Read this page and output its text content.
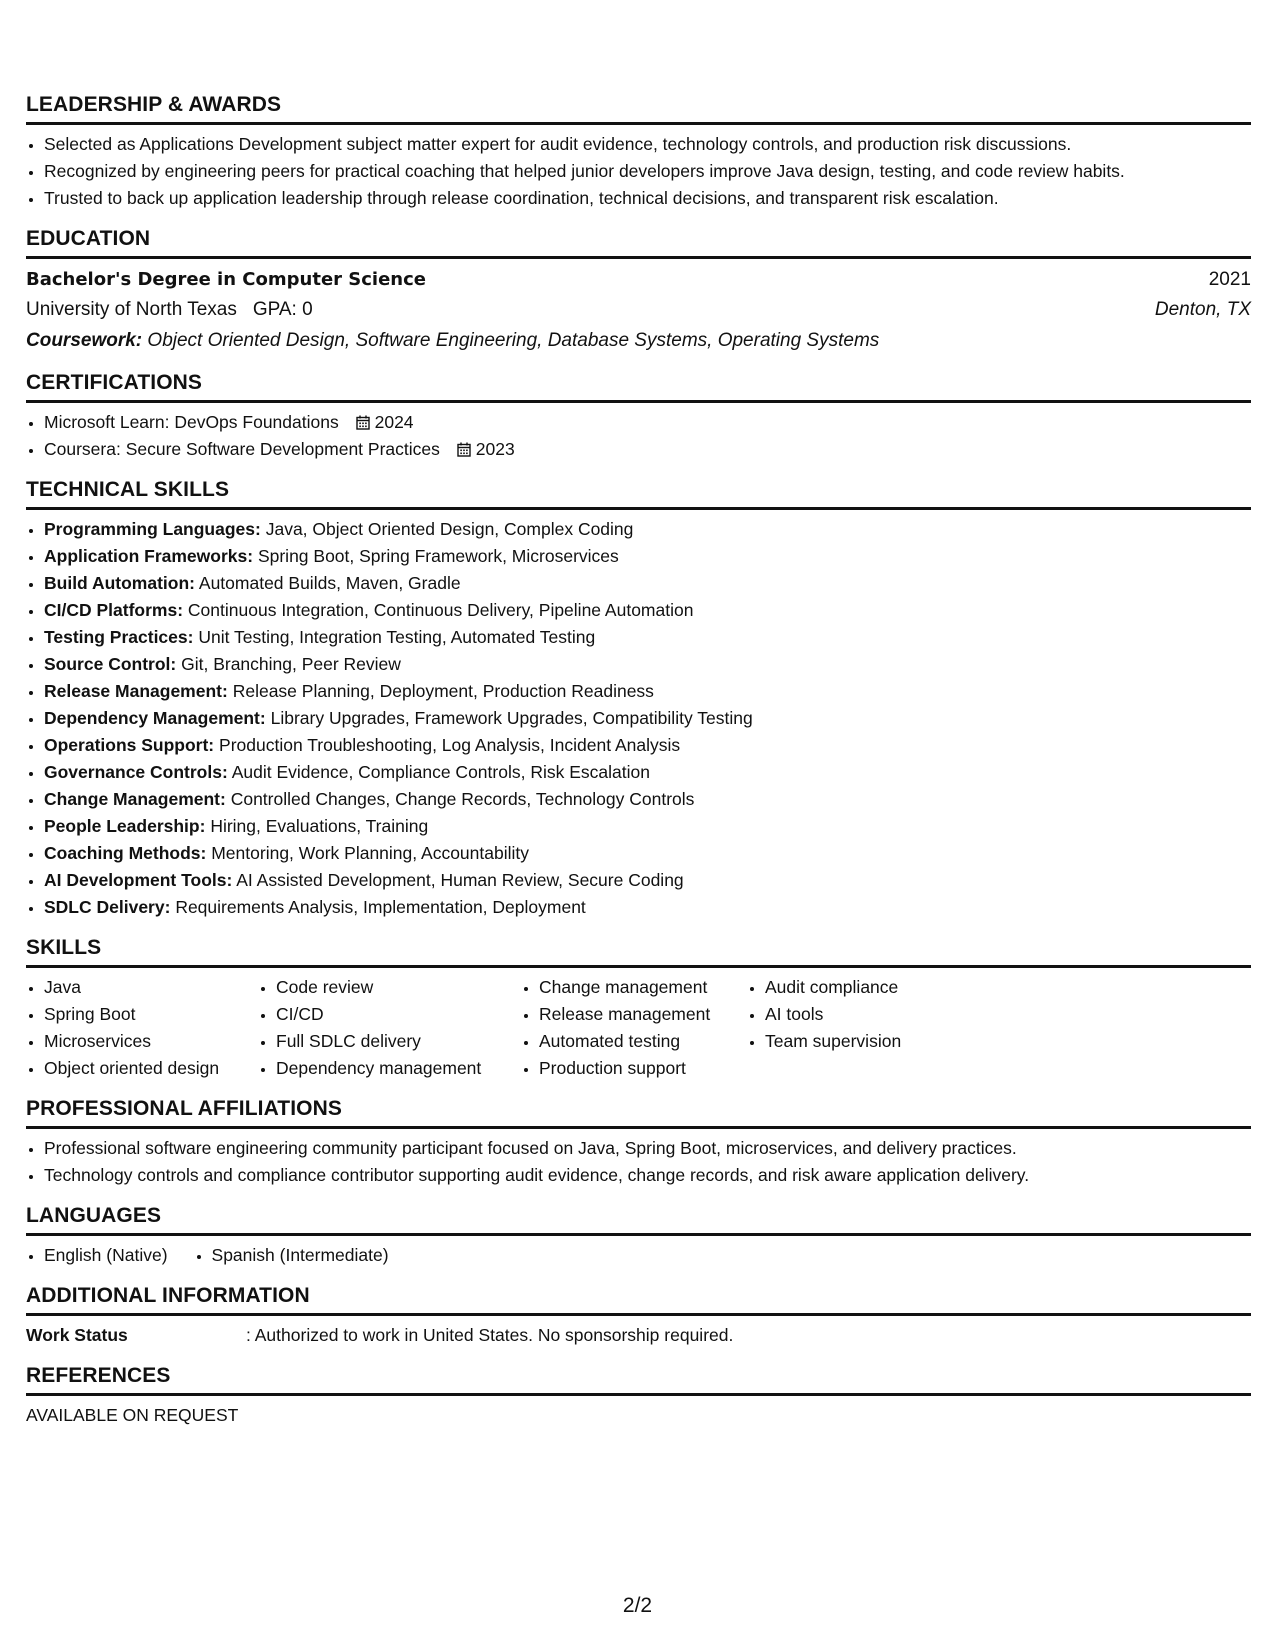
LEADERSHIP & AWARDS
• Selected as Applications Development subject matter expert for audit evidence, technology controls, and production risk discussions.
• Recognized by engineering peers for practical coaching that helped junior developers improve Java design, testing, and code review habits.
• Trusted to back up application leadership through release coordination, technical decisions, and transparent risk escalation.
EDUCATION
Bachelor's Degree in Computer Science	2021
University of North Texas GPA: 0	Denton, TX
Coursework: Object Oriented Design, Software Engineering, Database Systems, Operating Systems
CERTIFICATIONS
• Microsoft Learn: DevOps Foundations 2024
• Coursera: Secure Software Development Practices 2023
TECHNICAL SKILLS
• Programming Languages: Java, Object Oriented Design, Complex Coding
• Application Frameworks: Spring Boot, Spring Framework, Microservices
• Build Automation: Automated Builds, Maven, Gradle
• CI/CD Platforms: Continuous Integration, Continuous Delivery, Pipeline Automation
• Testing Practices: Unit Testing, Integration Testing, Automated Testing
• Source Control: Git, Branching, Peer Review
• Release Management: Release Planning, Deployment, Production Readiness
• Dependency Management: Library Upgrades, Framework Upgrades, Compatibility Testing
• Operations Support: Production Troubleshooting, Log Analysis, Incident Analysis
• Governance Controls: Audit Evidence, Compliance Controls, Risk Escalation
• Change Management: Controlled Changes, Change Records, Technology Controls
• People Leadership: Hiring, Evaluations, Training
• Coaching Methods: Mentoring, Work Planning, Accountability
• AI Development Tools: AI Assisted Development, Human Review, Secure Coding
• SDLC Delivery: Requirements Analysis, Implementation, Deployment
SKILLS
• Java
• Spring Boot
• Microservices
• Object oriented design
• Code review
• CI/CD
• Full SDLC delivery
• Dependency management
• Change management
• Release management
• Automated testing
• Production support
• Audit compliance
• AI tools
• Team supervision
PROFESSIONAL AFFILIATIONS
• Professional software engineering community participant focused on Java, Spring Boot, microservices, and delivery practices.
• Technology controls and compliance contributor supporting audit evidence, change records, and risk aware application delivery.
LANGUAGES
• English (Native)
•	Spanish (Intermediate)
ADDITIONAL INFORMATION
Work Status	: Authorized to work in United States. No sponsorship required.
REFERENCES
AVAILABLE ON REQUEST
2/2
